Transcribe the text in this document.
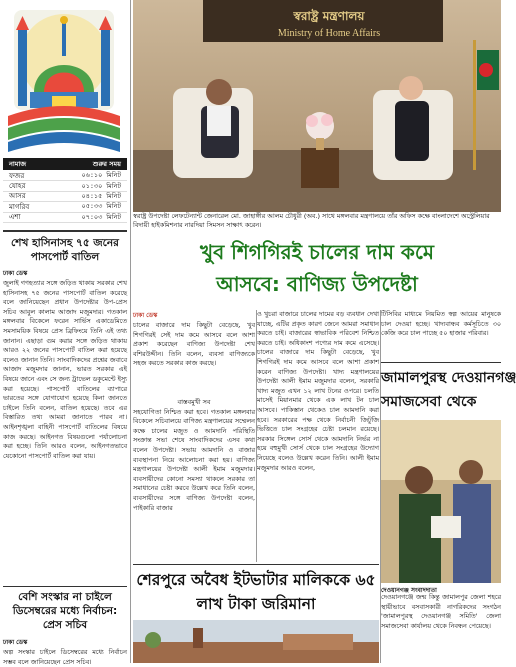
নামাজ	শুরুর সময়
ফজর	০৬:১০ মিনিট
যোহর	০১:৩০ মিনিট
আসর	০৪:১৫ মিনিট
মাগরিব	০৫:৩৩ মিনিট
এশা	০৭:০৩ মিনিট
শেখ হাসিনাসহ ৭৫ জনের পাসপোর্ট বাতিল
ঢাকা ডেস্ক
জুলাই গণহত্যার সঙ্গে জড়িত থাকায় সরকার শেখ হাসিনাসহ ৭৫ জনের পাসপোর্ট বাতিল করেছে বলে জানিয়েছেন প্রধান উপদেষ্টার উপ-প্রেস সচিব আবুল কালাম আজাদ মজুমদার। গতকাল মঙ্গলবার বিকেলে ফরেন সার্ভিস একাডেমিতে সমসাময়িক বিষয়ে প্রেস ব্রিফিংয়ে তিনি এই তথ্য জানান। এছাড়া গুম করার সঙ্গে জড়িত থাকায় আরও ২২ জনের পাসপোর্ট বাতিল করা হয়েছে বলেও জানান তিনি। সাংবাদিকদের প্রশ্নের জবাবে আজাদ মজুমদার জানান, ভারত সরকার এই বিষয়ে জানে এবং সে জন্য ট্রাভেল ডকুমেন্টে ইস্যু করা হয়েছে। পাসপোর্ট বাতিলের ব্যাপারে ভারতের সঙ্গে যোগাযোগ হয়েছে কিনা জানতে চাইলে তিনি বলেন, বাতিল হয়েছে। তবে এর বিস্তারিত তথ্য আমরা জানাতে পারব না। আইনশৃঙ্খলা বাহিনী পাসপোর্ট বাতিলের বিষয়ে কাজ করছে। আইনগত বিষয়গুলো পর্যালোচনা করা হচ্ছে। তিনি আরও বলেন, আইনগতভাবে যেকোনো পাসপোর্ট বাতিল করা যায়।
বেশি সংস্কার না চাইলে ডিসেম্বরের মধ্যে নির্বাচন: প্রেস সচিব
ঢাকা ডেস্ক
অল্প সংস্কার চাইলে ডিসেম্বরের মধ্যে নির্বাচন সম্ভব বলে জানিয়েছেন প্রেস সচিব।
স্বরাষ্ট্র মন্ত্রণালয়
Ministry of Home Affairs
স্বরাষ্ট্র উপদেষ্টা লেফটেন্যান্ট জেনারেল মো. জাহাঙ্গীর আলম চৌধুরী (অব.) সাথে মঙ্গলবার মন্ত্রণালয়ে তাঁর অফিস কক্ষে বাংলাদেশে অস্ট্রেলিয়ার বিদায়ী হাইকমিশনার নারদিয়া সিমসন সাক্ষাৎ করেন।
খুব শিগগিরই চালের দাম কমে
আসবে: বাণিজ্য উপদেষ্টা
ঢাকা ডেস্ক
চালের বাজারে দাম কিছুটা বেড়েছে, খুব শিগগিরই সেই দাম কমে আসবে বলে আশা প্রকাশ করেছেন বাণিজ্য উপদেষ্টা শেখ বশিরউদ্দীন। তিনি বলেন, ব্যবসা বাণিজ্যকে সহজ করতে সরকার কাজ করছে।
বাস্তবমুখী সব
সহযোগিতা নিশ্চিত করা হবে। গতকাল মঙ্গলবার বিকেলে সচিবালয়ে বাণিজ্য মন্ত্রণালয়ের সম্মেলন কক্ষে চালের মজুত ও আমদানি পরিস্থিতি সংক্রান্ত সভা শেষে সাংবাদিকদের এসব কথা বলেন উপদেষ্টা। সভায় আমদানি ও বাজার ব্যবস্থাপনা নিয়ে আলোচনা করা হয়। বাণিজ্য মন্ত্রণালয়ের উপদেষ্টা আলী ইমাম মজুমদার। ব্যবসায়ীদের কোনো সমস্যা থাকলে সরকার তা সমাধানের চেষ্টা করবে উল্লেখ করে তিনি বলেন, ব্যবসায়ীদের সঙ্গে বাণিজ্য উপদেষ্টা বলেন, পাইকারি বাজার
ও খুচরা বাজারে চালের দামের বড় ব্যবধান দেখা যাচ্ছে, এটির প্রকৃত কারণ জেনে আমরা সমাধান করতে চাই। বাজারের স্বাভাবিক পরিবেশ নিশ্চিত করতে চাই। অধিকাংশ পণ্যের দাম কমে এসেছে। চালের বাজারে দাম কিছুটা বেড়েছে, খুব শিগগিরই দাম কমে আসবে বলে আশা প্রকাশ করেন বাণিজ্য উপদেষ্টা। খাদ্য মন্ত্রণালয়ের উপদেষ্টা আলী ইমাম মজুমদার বলেন, সরকারি খাদ্য মজুত এখন ১২ লাখ টনের ওপরে। চলতি মাসেই মিয়ানমার থেকে এক লাখ টন চাল আসবে। পাকিস্তান থেকেও চাল আমদানি করা হবে। সরকারের পক্ষ থেকে নির্বাচনী জিটুজি ভিত্তিতে চাল সংগ্রহের চেষ্টা চলমান রয়েছে। সরকার সিঙ্গেল সোর্স থেকে আমদানি নির্ভর না হয়ে বহুমুখী সোর্স থেকে চাল সংগ্রহের উদ্যোগ নিয়েছে বলেও উল্লেখ করেন তিনি। আলী ইমাম মজুমদার আরও বলেন,
টিসিবির মাধ্যমে নিয়মিত স্বল্প আয়ের মানুষকে চাল দেওয়া হচ্ছে। খাদ্যবান্ধব কর্মসূচিতে ৩০ কেজি করে চাল পাচ্ছে ৫০ হাজার পরিবার।
শেরপুরে অবৈধ ইটভাটার মালিককে ৬৫ লাখ টাকা জরিমানা
জামালপুরস্থ দেওয়ানগঞ্জ
সমাজসেবা থেকে
দেওয়ানগঞ্জ সংবাদদাতা
দেওয়ানগঞ্জে জন্ম কিন্তু জামালপুর জেলা শহরে স্থায়ীভাবে বসবাসকারী নাগরিকদের সংগঠন 'জামালপুরস্থ দেওয়ানগঞ্জ সমিতি' জেলা সমাজসেবা কার্যালয় থেকে নিবন্ধন পেয়েছে।
